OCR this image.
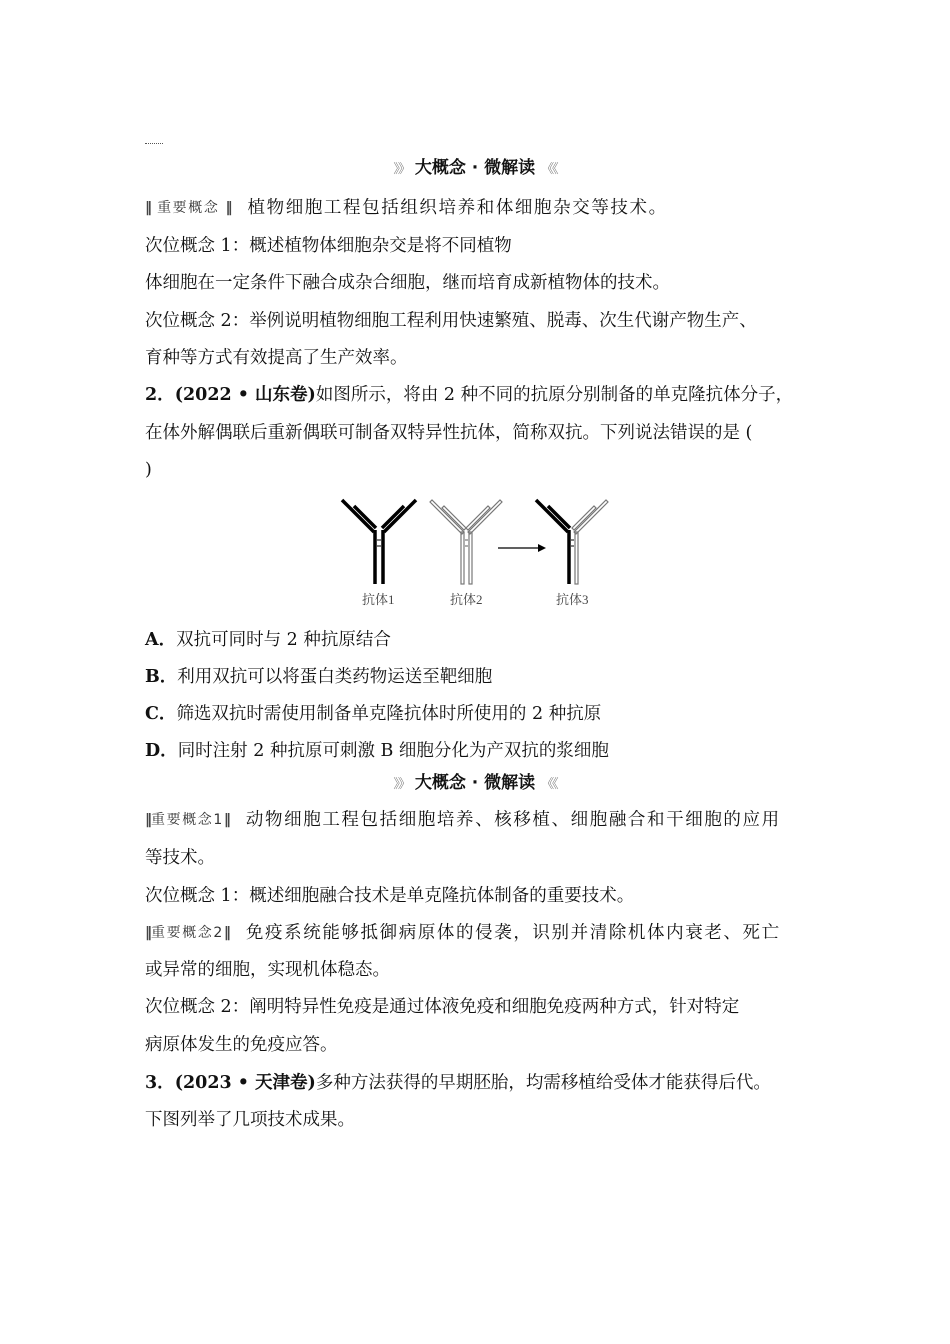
》》 大概念 · 微解读 《《
‖ 重要概念 ‖ 植物细胞工程包括组织培养和体细胞杂交等技术。
次位概念 1：概述植物体细胞杂交是将不同植物
体细胞在一定条件下融合成杂合细胞，继而培育成新植物体的技术。
次位概念 2：举例说明植物细胞工程利用快速繁殖、脱毒、次生代谢产物生产、
育种等方式有效提高了生产效率。
2．(2022 • 山东卷)如图所示，将由 2 种不同的抗原分别制备的单克隆抗体分子，
在体外解偶联后重新偶联可制备双特异性抗体，简称双抗。下列说法错误的是 (
)
抗体1	抗体2	抗体3
A．双抗可同时与 2 种抗原结合
B．利用双抗可以将蛋白类药物运送至靶细胞
C．筛选双抗时需使用制备单克隆抗体时所使用的 2 种抗原
D．同时注射 2 种抗原可刺激 B 细胞分化为产双抗的浆细胞
》》 大概念 · 微解读 《《
‖重要概念1‖ 动物细胞工程包括细胞培养、核移植、细胞融合和干细胞的应用
等技术。
次位概念 1：概述细胞融合技术是单克隆抗体制备的重要技术。
‖重要概念2‖ 免疫系统能够抵御病原体的侵袭，识别并清除机体内衰老、死亡
或异常的细胞，实现机体稳态。
次位概念 2：阐明特异性免疫是通过体液免疫和细胞免疫两种方式，针对特定
病原体发生的免疫应答。
3．(2023 • 天津卷)多种方法获得的早期胚胎，均需移植给受体才能获得后代。
下图列举了几项技术成果。
